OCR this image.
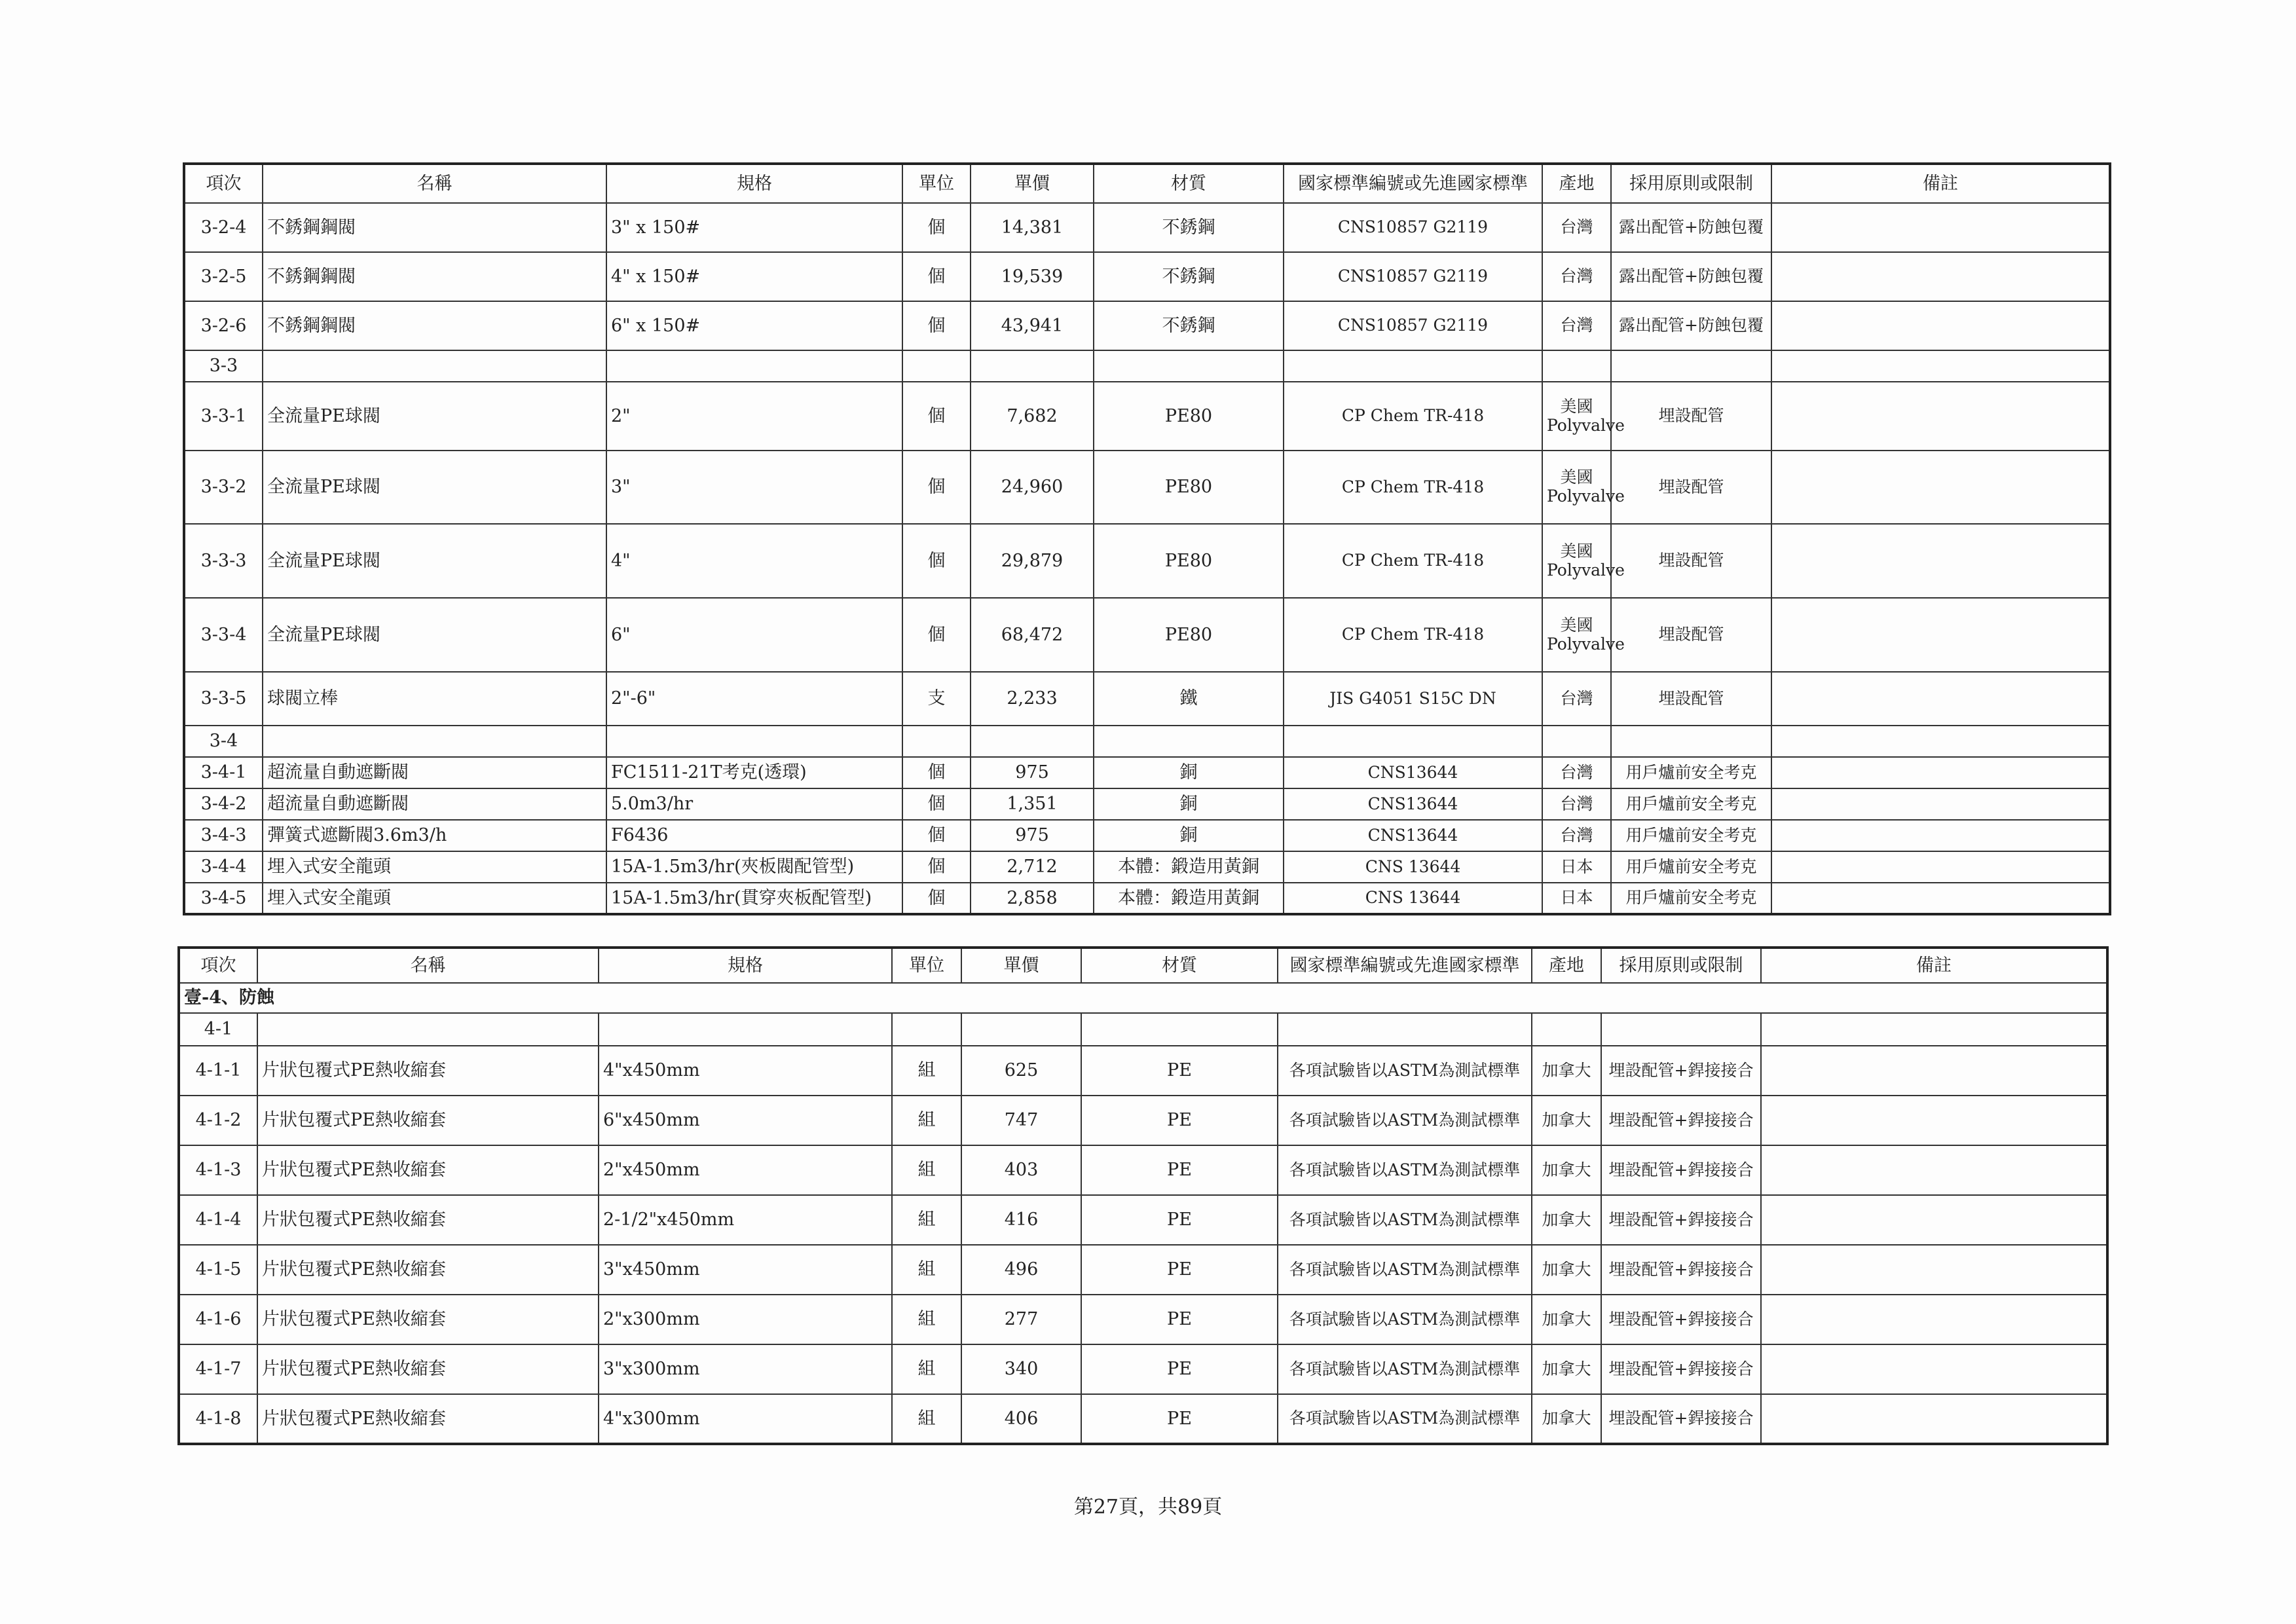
項次	名稱	規格	單位	單價	材質	國家標準編號或先進國家標準	產地	採用原則或限制	備註
3-2-4	不銹鋼鋼閥	3" x 150#	個	14,381	不銹鋼	CNS10857 G2119	台灣	露出配管+防蝕包覆	
3-2-5	不銹鋼鋼閥	4" x 150#	個	19,539	不銹鋼	CNS10857 G2119	台灣	露出配管+防蝕包覆	
3-2-6	不銹鋼鋼閥	6" x 150#	個	43,941	不銹鋼	CNS10857 G2119	台灣	露出配管+防蝕包覆	
3-3									
3-3-1	全流量PE球閥	2"	個	7,682	PE80	CP Chem TR-418	美國 Polyvalve	埋設配管	
3-3-2	全流量PE球閥	3"	個	24,960	PE80	CP Chem TR-418	美國 Polyvalve	埋設配管	
3-3-3	全流量PE球閥	4"	個	29,879	PE80	CP Chem TR-418	美國 Polyvalve	埋設配管	
3-3-4	全流量PE球閥	6"	個	68,472	PE80	CP Chem TR-418	美國 Polyvalve	埋設配管	
3-3-5	球閥立棒	2"-6"	支	2,233	鐵	JIS G4051 S15C DN	台灣	埋設配管	
3-4									
3-4-1	超流量自動遮斷閥	FC1511-21T考克(透環)	個	975	銅	CNS13644	台灣	用戶爐前安全考克	
3-4-2	超流量自動遮斷閥	5.0m3/hr	個	1,351	銅	CNS13644	台灣	用戶爐前安全考克	
3-4-3	彈簧式遮斷閥3.6m3/h	F6436	個	975	銅	CNS13644	台灣	用戶爐前安全考克	
3-4-4	埋入式安全龍頭	15A-1.5m3/hr(夾板閥配管型)	個	2,712	本體：鍛造用黃銅	CNS 13644	日本	用戶爐前安全考克	
3-4-5	埋入式安全龍頭	15A-1.5m3/hr(貫穿夾板配管型)	個	2,858	本體：鍛造用黃銅	CNS 13644	日本	用戶爐前安全考克	
項次	名稱	規格	單位	單價	材質	國家標準編號或先進國家標準	產地	採用原則或限制	備註
壹-4、防蝕									
4-1									
4-1-1	片狀包覆式PE熱收縮套	4"x450mm	組	625	PE	各項試驗皆以ASTM為測試標準	加拿大	埋設配管+銲接接合	
4-1-2	片狀包覆式PE熱收縮套	6"x450mm	組	747	PE	各項試驗皆以ASTM為測試標準	加拿大	埋設配管+銲接接合	
4-1-3	片狀包覆式PE熱收縮套	2"x450mm	組	403	PE	各項試驗皆以ASTM為測試標準	加拿大	埋設配管+銲接接合	
4-1-4	片狀包覆式PE熱收縮套	2-1/2"x450mm	組	416	PE	各項試驗皆以ASTM為測試標準	加拿大	埋設配管+銲接接合	
4-1-5	片狀包覆式PE熱收縮套	3"x450mm	組	496	PE	各項試驗皆以ASTM為測試標準	加拿大	埋設配管+銲接接合	
4-1-6	片狀包覆式PE熱收縮套	2"x300mm	組	277	PE	各項試驗皆以ASTM為測試標準	加拿大	埋設配管+銲接接合	
4-1-7	片狀包覆式PE熱收縮套	3"x300mm	組	340	PE	各項試驗皆以ASTM為測試標準	加拿大	埋設配管+銲接接合	
4-1-8	片狀包覆式PE熱收縮套	4"x300mm	組	406	PE	各項試驗皆以ASTM為測試標準	加拿大	埋設配管+銲接接合	
第27頁，共89頁
